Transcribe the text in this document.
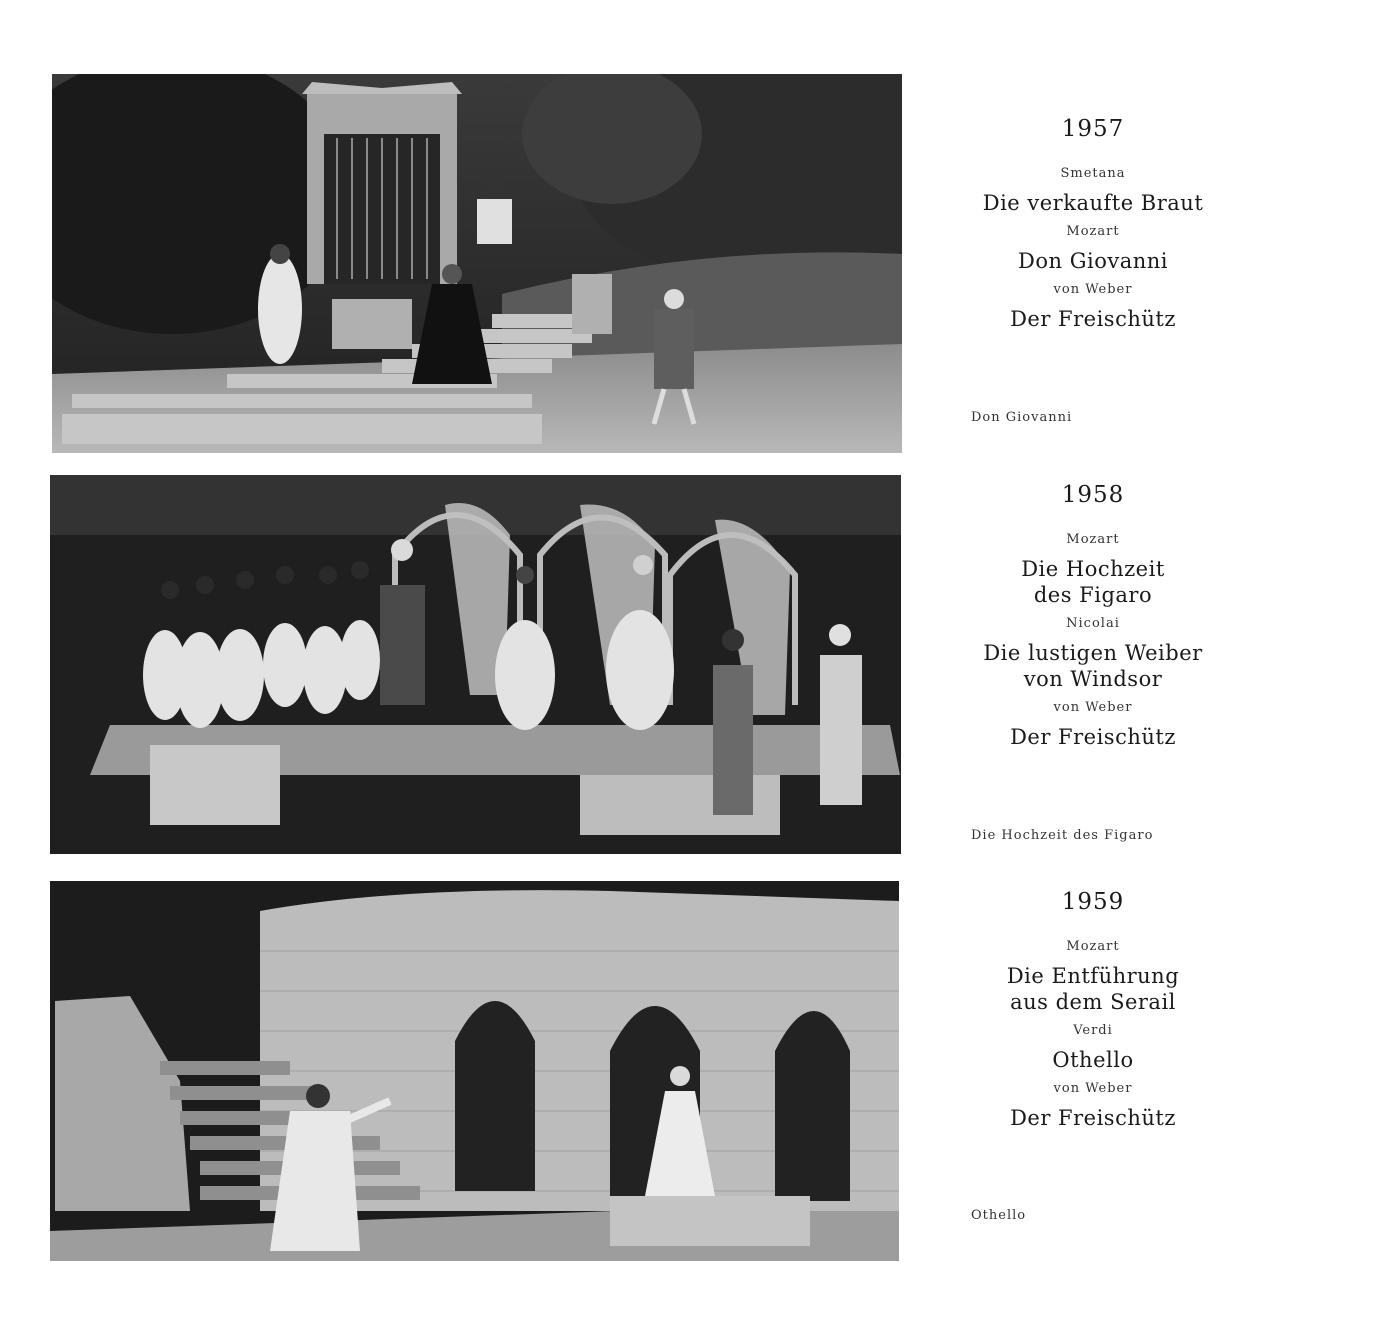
1957

Smetana

Die verkaufte Braut

Mozart

Don Giovanni

von Weber

Der Freischütz

Don Giovanni

1958

Mozart

Die Hochzeit
des Figaro

Nicolai

Die lustigen Weiber
von Windsor

von Weber

Der Freischütz

Die Hochzeit des Figaro

1959

Mozart

Die Entführung
aus dem Serail

Verdi

Othello

von Weber

Der Freischütz

Othello
